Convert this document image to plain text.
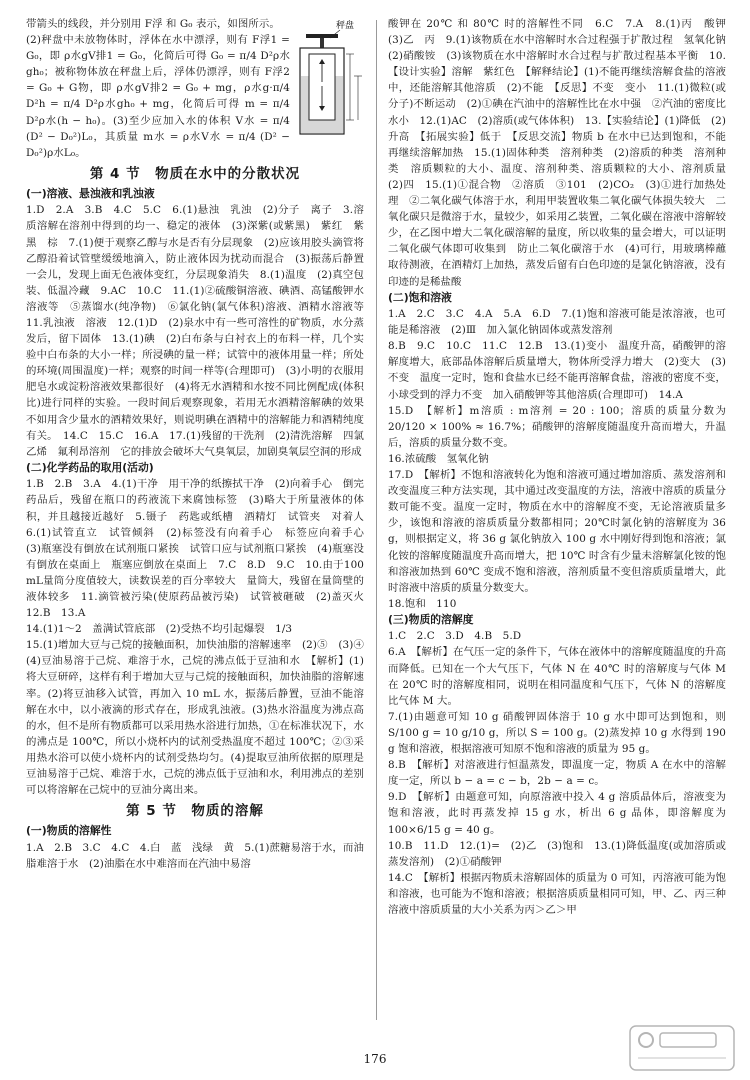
秤盘

带箭头的线段，并分别用 F浮 和 G₀ 表示，如图所示。

(2)秤盘中未放物体时，浮体在水中漂浮，则有 F浮1 = G₀，即 ρ水gV排1 = G₀，化简后可得 G₀ = π/4 D²ρ水gh₀；被称物体放在秤盘上后，浮体仍漂浮，则有 F浮2 = G₀ + G物，即 ρ水gV排2 = G₀ + mg，ρ水g·π/4 D²h = π/4 D²ρ水gh₀ + mg，化简后可得 m = π/4 D²ρ水(h − h₀)。(3)至少应加入水的体积 V水 = π/4 (D² − D₀²)L₀，其质量 m水 = ρ水V水 = π/4 (D² − D₀²)ρ水L₀。

第 4 节　物质在水中的分散状况
(一)溶液、悬浊液和乳浊液

1.D　2.A　3.B　4.C　5.C　6.(1)悬浊　乳浊　(2)分子　离子　3.溶质溶解在溶剂中得到的均一、稳定的液体　(3)深紫(或紫黑)　紫红　紫黑　棕　7.(1)便于观察乙醇与水是否有分层现象　(2)应该用胶头滴管将乙醇沿着试管壁缓缓地滴入，防止液体因为扰动而混合　(3)振荡后静置一会儿，发现上面无色液体变红，分层现象消失　8.(1)温度　(2)真空包装、低温冷藏　9.AC　10.C　11.(1)②硫酸铜溶液、碘酒、高锰酸钾水溶液等　⑤蒸馏水(纯净物)　⑥氯化钠(氯气体积)溶液、酒精水溶液等　11.乳浊液　溶液　12.(1)D　(2)泉水中有一些可溶性的矿物质，水分蒸发后，留下固体　13.(1)碘　(2)白布条与白衬衣上的布料一样，几个实验中白布条的大小一样；所浸碘的量一样；试管中的液体用量一样；所处的环境(周围温度)一样；观察的时间一样等(合理即可)　(3)小明的衣服用肥皂水或淀粉溶液效果都很好　(4)将无水酒精和水按不同比例配成(体积比)进行同样的实验。一段时间后观察现象，若用无水酒精溶解碘的效果不如用含少量水的酒精效果好，则说明碘在酒精中的溶解能力和酒精纯度有关。　14.C　15.C　16.A　17.(1)残留的干洗剂　(2)清洗溶解　四氯乙烯　氟利昂溶剂　它的排放会破坏大气臭氧层，加剧臭氧层空洞的形成

(二)化学药品的取用(活动)

1.B　2.B　3.A　4.(1)干净　用干净的纸擦拭干净　(2)向着手心　倒完药品后，残留在瓶口的药液流下来腐蚀标签　(3)略大于所量液体的体积，并且越接近越好　5.镊子　药匙或纸槽　酒精灯　试管夹　对着人　6.(1)试管直立　试管倾斜　(2)标签没有向着手心　标签应向着手心　(3)瓶塞没有倒放在试剂瓶口紧挨　试管口应与试剂瓶口紧挨　(4)瓶塞没有倒放在桌面上　瓶塞应倒放在桌面上　7.C　8.D　9.C　10.由于100 mL量筒分度值较大，读数误差的百分率较大　量筒大，残留在量筒壁的液体较多　11.滴管被污染(使原药品被污染)　试管被砸破　(2)盖灭火　12.B　13.A

14.(1)1～2　盖满试管底部　(2)受热不均引起爆裂　1/3

15.(1)增加大豆与己烷的接触面积，加快油脂的溶解速率　(2)⑤　(3)④　(4)豆油易溶于己烷、难溶于水，己烷的沸点低于豆油和水　【解析】(1)将大豆研碎，这样有利于增加大豆与己烷的接触面积，加快油脂的溶解速率。(2)将豆油移入试管，再加入 10 mL 水，振荡后静置，豆油不能溶解在水中，以小液滴的形式存在，形成乳浊液。(3)热水浴温度为沸点高的水，但不是所有物质都可以采用热水浴进行加热，①在标准状况下，水的沸点是 100℃，所以小烧杯内的试剂受热温度不超过 100℃；②③采用热水浴可以使小烧杯内的试剂受热均匀。(4)提取豆油所依据的原理是豆油易溶于己烷、难溶于水，己烷的沸点低于豆油和水，利用沸点的差别可以将溶解在己烷中的豆油分离出来。

第 5 节　物质的溶解
(一)物质的溶解性

1.A　2.B　3.C　4.C　4.白　蓝　浅绿　黄　5.(1)蔗糖易溶于水，而油脂难溶于水　(2)油脂在水中难溶而在汽油中易溶

酸钾在 20℃ 和 80℃ 时的溶解性不同　6.C　7.A　8.(1)丙　酸钾　(3)乙　丙　9.(1)该物质在水中溶解时水合过程强于扩散过程　氢氧化钠　(2)硝酸铵　(3)该物质在水中溶解时水合过程与扩散过程基本平衡　10.【设计实验】溶解　紫红色　【解释结论】(1)不能再继续溶解食盐的溶液中，还能溶解其他溶质　(2)不能　【反思】不变　变小　11.(1)微粒(或分子)不断运动　(2)①碘在汽油中的溶解性比在水中强　②汽油的密度比水小　12.(1)AC　(2)溶质(或气体体积)　13.【实验结论】(1)降低　(2)升高　【拓展实验】低于　【反思交流】物质 b 在水中已达到饱和，不能再继续溶解加热　15.(1)固体种类　溶剂种类　(2)溶质的种类　溶剂种类　溶质颗粒的大小、温度、溶剂种类、溶质颗粒的大小、溶剂质量　(2)四　15.(1)①混合物　②溶质　③101　(2)CO₂　(3)①进行加热处理　②二氧化碳气体溶于水，利用甲装置收集二氧化碳气体损失较大　二氧化碳只是微溶于水，量较少，如采用乙装置，二氧化碳在溶液中溶解较少，在乙图中增大二氧化碳溶解的量度，所以收集的量会增大，可以证明二氧化碳气体即可收集到　防止二氧化碳溶于水　(4)可行，用玻璃棒蘸取待测液，在酒精灯上加热，蒸发后留有白色印迹的是氯化钠溶液，没有印迹的是稀盐酸

(二)饱和溶液

1.A　2.C　3.C　4.A　5.A　6.D　7.(1)饱和溶液可能是浓溶液，也可能是稀溶液　(2)Ⅲ　加入氯化钠固体或蒸发溶剂

8.B　9.C　10.C　11.C　12.B　13.(1)变小　温度升高，硝酸钾的溶解度增大，底部晶体溶解后质量增大，物体所受浮力增大　(2)变大　(3)不变　温度一定时，饱和食盐水已经不能再溶解食盐，溶液的密度不变，小球受到的浮力不变　加入硝酸钾等其他溶质(合理即可)　14.A

15.D　【解析】m溶质 : m溶剂 = 20 : 100；溶质的质量分数为 20/120 × 100% ≈ 16.7%；硝酸钾的溶解度随温度升高而增大，升温后，溶质的质量分数不变。

16.浓硫酸　氢氧化钠

17.D　【解析】不饱和溶液转化为饱和溶液可通过增加溶质、蒸发溶剂和改变温度三种方法实现，其中通过改变温度的方法，溶液中溶质的质量分数可能不变。温度一定时，物质在水中的溶解度不变，无论溶液质量多少，该饱和溶液的溶质质量分数都相同；20℃时氯化钠的溶解度为 36 g，则根据定义，将 36 g 氯化钠放入 100 g 水中刚好得到饱和溶液；氯化铵的溶解度随温度升高而增大，把 10℃ 时含有少量未溶解氯化铵的饱和溶液加热到 60℃ 变成不饱和溶液，溶剂质量不变但溶质质量增大，此时溶液中溶质的质量分数变大。

18.饱和　110

(三)物质的溶解度

1.C　2.C　3.D　4.B　5.D

6.A　【解析】在气压一定的条件下，气体在液体中的溶解度随温度的升高而降低。已知在一个大气压下，气体 N 在 40℃ 时的溶解度与气体 M 在 20℃ 时的溶解度相同，说明在相同温度和气压下，气体 N 的溶解度比气体 M 大。

7.(1)由题意可知 10 g 硝酸钾固体溶于 10 g 水中即可达到饱和，则 S/100 g = 10 g/10 g，所以 S = 100 g。(2)蒸发掉 10 g 水得到 190 g 饱和溶液，根据溶液可知原不饱和溶液的质量为 95 g。

8.B　【解析】对溶液进行恒温蒸发，即温度一定，物质 A 在水中的溶解度一定，所以 b − a = c − b，2b − a = c。

9.D　【解析】由题意可知，向原溶液中投入 4 g 溶质晶体后，溶液变为饱和溶液，此时再蒸发掉 15 g 水，析出 6 g 晶体，即溶解度为 100×6/15 g = 40 g。

10.B　11.D　12.(1)=　(2)乙　(3)饱和　13.(1)降低温度(或加溶质或蒸发溶剂)　(2)①硝酸钾

14.C　【解析】根据丙物质未溶解固体的质量为 0 可知，丙溶液可能为饱和溶液，也可能为不饱和溶液；根据溶质质量相同可知，甲、乙、丙三种溶液中溶质质量的大小关系为丙＞乙＞甲

176
